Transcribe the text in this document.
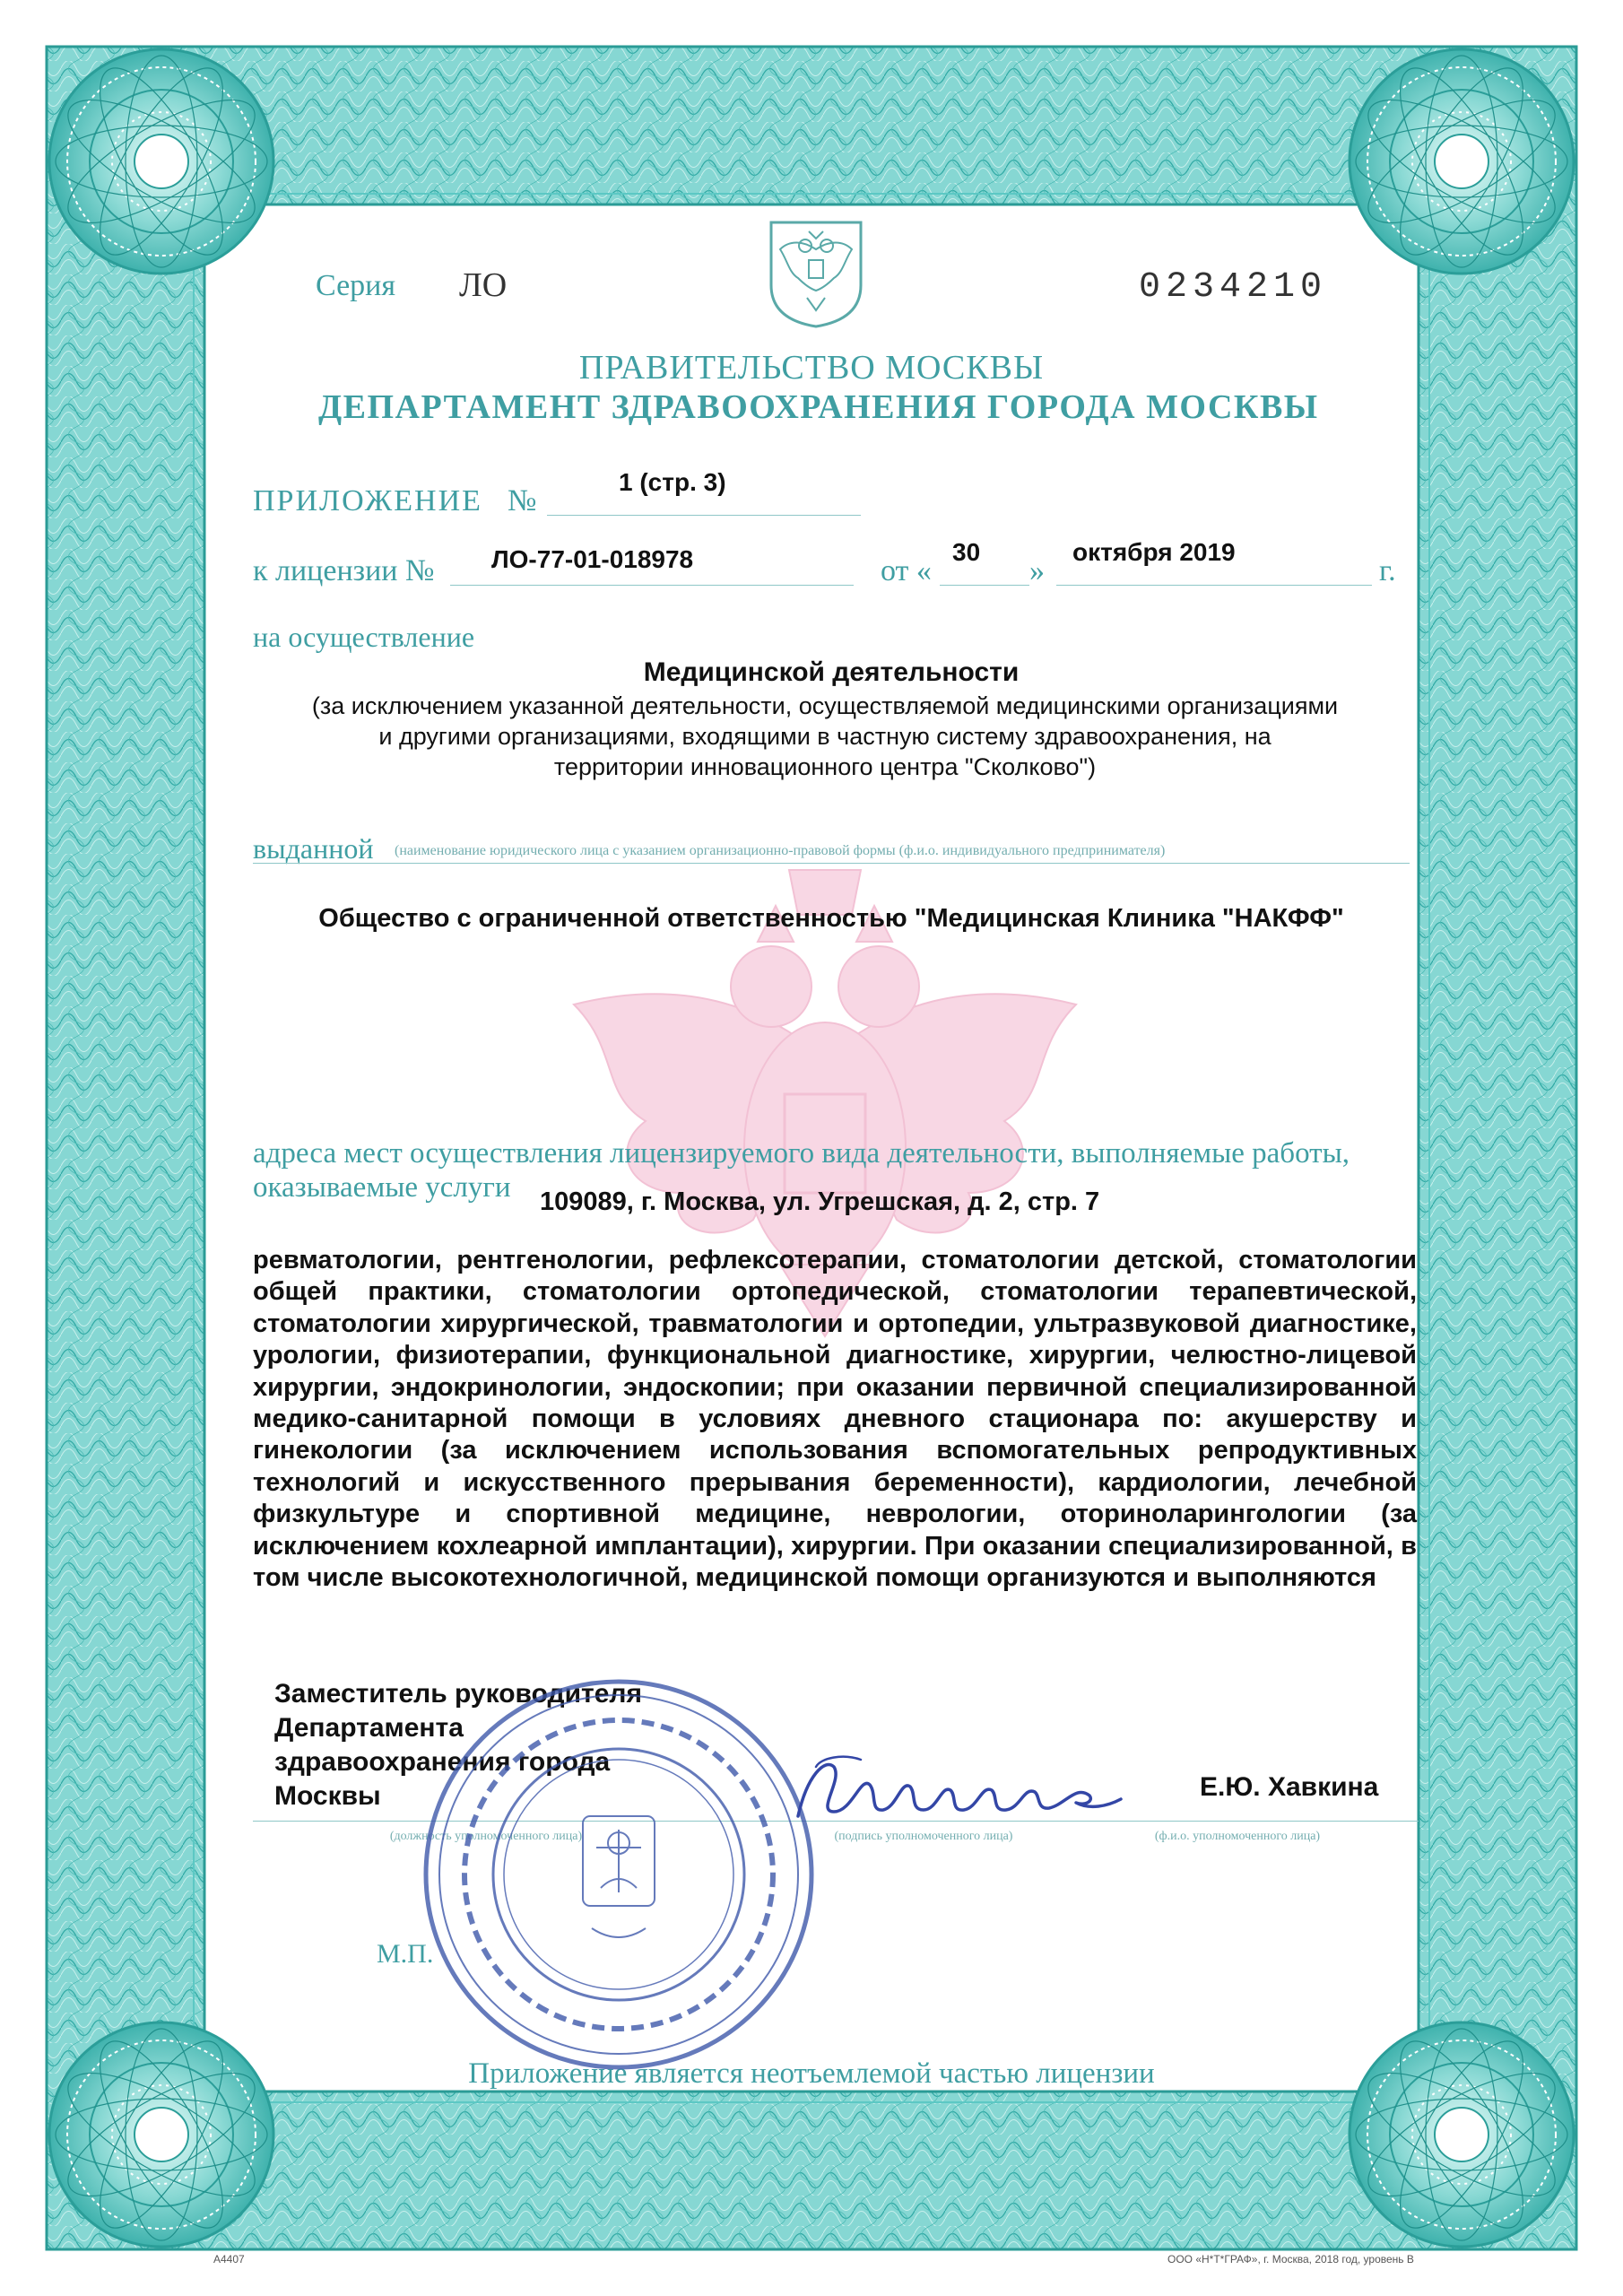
Серия ЛО	0234210
ПРАВИТЕЛЬСТВО МОСКВЫ
ДЕПАРТАМЕНТ ЗДРАВООХРАНЕНИЯ ГОРОДА МОСКВЫ
ПРИЛОЖЕНИЕ №
1 (стр. 3)
к лицензии № ЛО-77-01-018978	от «
30
»
октября 2019
г.
на осуществление
Медицинской деятельности
(за исключением указанной деятельности, осуществляемой медицинскими организациями
и другими организациями, входящими в частную систему здравоохранения, на
территории инновационного центра "Сколково")
выданной (наименование юридического лица с указанием организационно-правовой формы (ф.и.о. индивидуального предпринимателя)
Общество с ограниченной ответственностью "Медицинская Клиника "НАКФФ"
адреса мест осуществления лицензируемого вида деятельности, выполняемые работы,
оказываемые услуги 109089, г. Москва, ул. Угрешская, д. 2, стр. 7

ревматологии, рентгенологии, рефлексотерапии, стоматологии детской, стоматологии общей практики, стоматологии ортопедической, стоматологии терапевтической, стоматологии хирургической, травматологии и ортопедии, ультразвуковой диагностике, урологии, физиотерапии, функциональной диагностике, хирургии, челюстно-лицевой хирургии, эндокринологии, эндоскопии; при оказании первичной специализированной медико-санитарной помощи в условиях дневного стационара по: акушерству и гинекологии (за исключением использования вспомогательных репродуктивных технологий и искусственного прерывания беременности), кардиологии, лечебной физкультуре и спортивной медицине, неврологии, оториноларингологии (за исключением кохлеарной имплантации), хирургии. При оказании специализированной, в том числе высокотехнологичной, медицинской помощи организуются и выполняются

Заместитель руководителя
Департамента
здравоохранения города
Москвы	Е.Ю. Хавкина
(должность уполномоченного лица)	(подпись уполномоченного лица)	(ф.и.о. уполномоченного лица)
М.П.
Приложение является неотъемлемой частью лицензии
А4407	ООО «Н*Т*ГРАФ», г. Москва, 2018 год, уровень В
